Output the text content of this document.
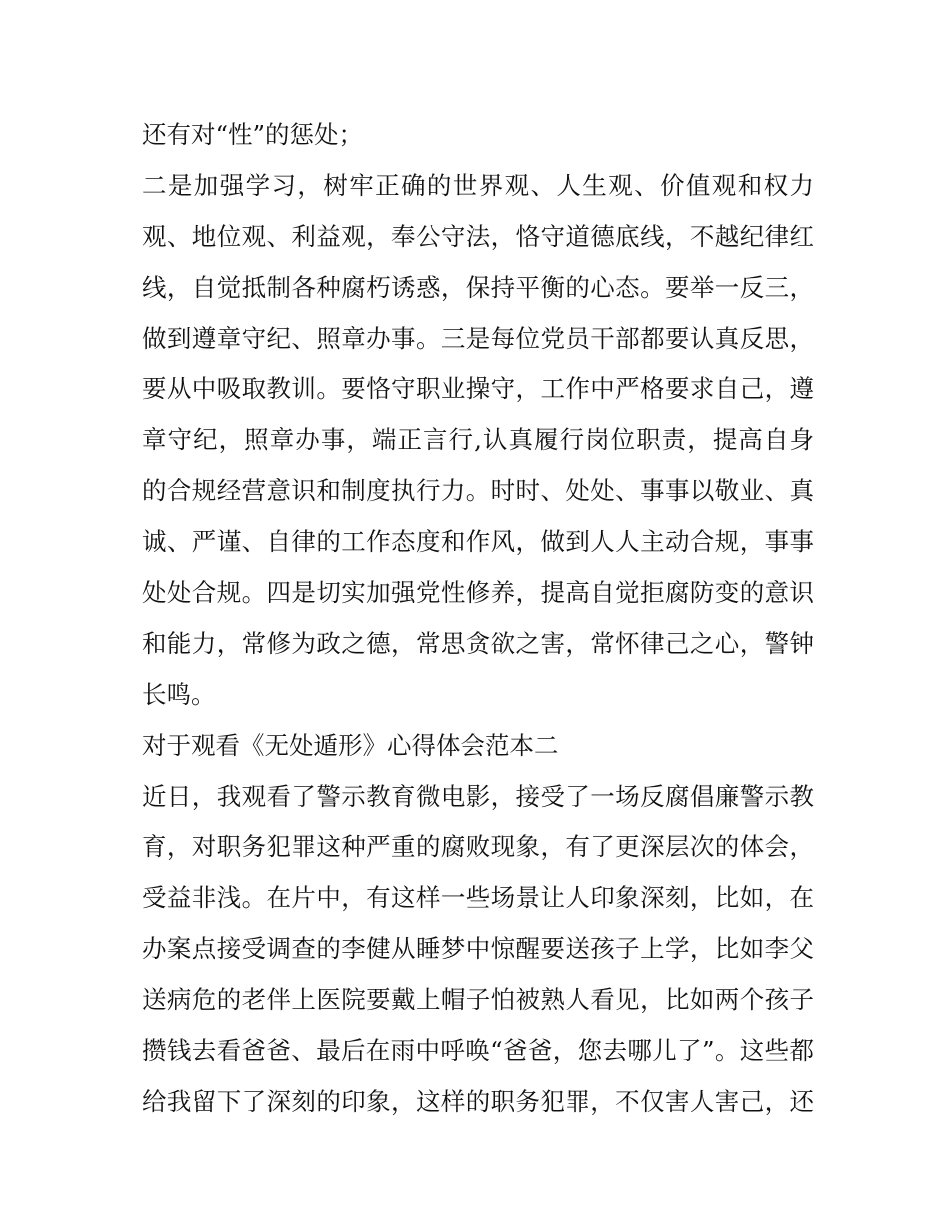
还有对“性”的惩处；
二是加强学习，树牢正确的世界观、人生观、价值观和权力
观、地位观、利益观，奉公守法，恪守道德底线，不越纪律红
线，自觉抵制各种腐朽诱惑，保持平衡的心态。要举一反三，
做到遵章守纪、照章办事。三是每位党员干部都要认真反思，
要从中吸取教训。要恪守职业操守，工作中严格要求自己，遵
章守纪，照章办事，端正言行,认真履行岗位职责，提高自身
的合规经营意识和制度执行力。时时、处处、事事以敬业、真
诚、严谨、自律的工作态度和作风，做到人人主动合规，事事
处处合规。四是切实加强党性修养，提高自觉拒腐防变的意识
和能力，常修为政之德，常思贪欲之害，常怀律己之心，警钟
长鸣。
对于观看《无处遁形》心得体会范本二
近日，我观看了警示教育微电影，接受了一场反腐倡廉警示教
育，对职务犯罪这种严重的腐败现象，有了更深层次的体会，
受益非浅。在片中，有这样一些场景让人印象深刻，比如，在
办案点接受调查的李健从睡梦中惊醒要送孩子上学，比如李父
送病危的老伴上医院要戴上帽子怕被熟人看见，比如两个孩子
攒钱去看爸爸、最后在雨中呼唤“爸爸，您去哪儿了”。这些都
给我留下了深刻的印象，这样的职务犯罪，不仅害人害己，还
